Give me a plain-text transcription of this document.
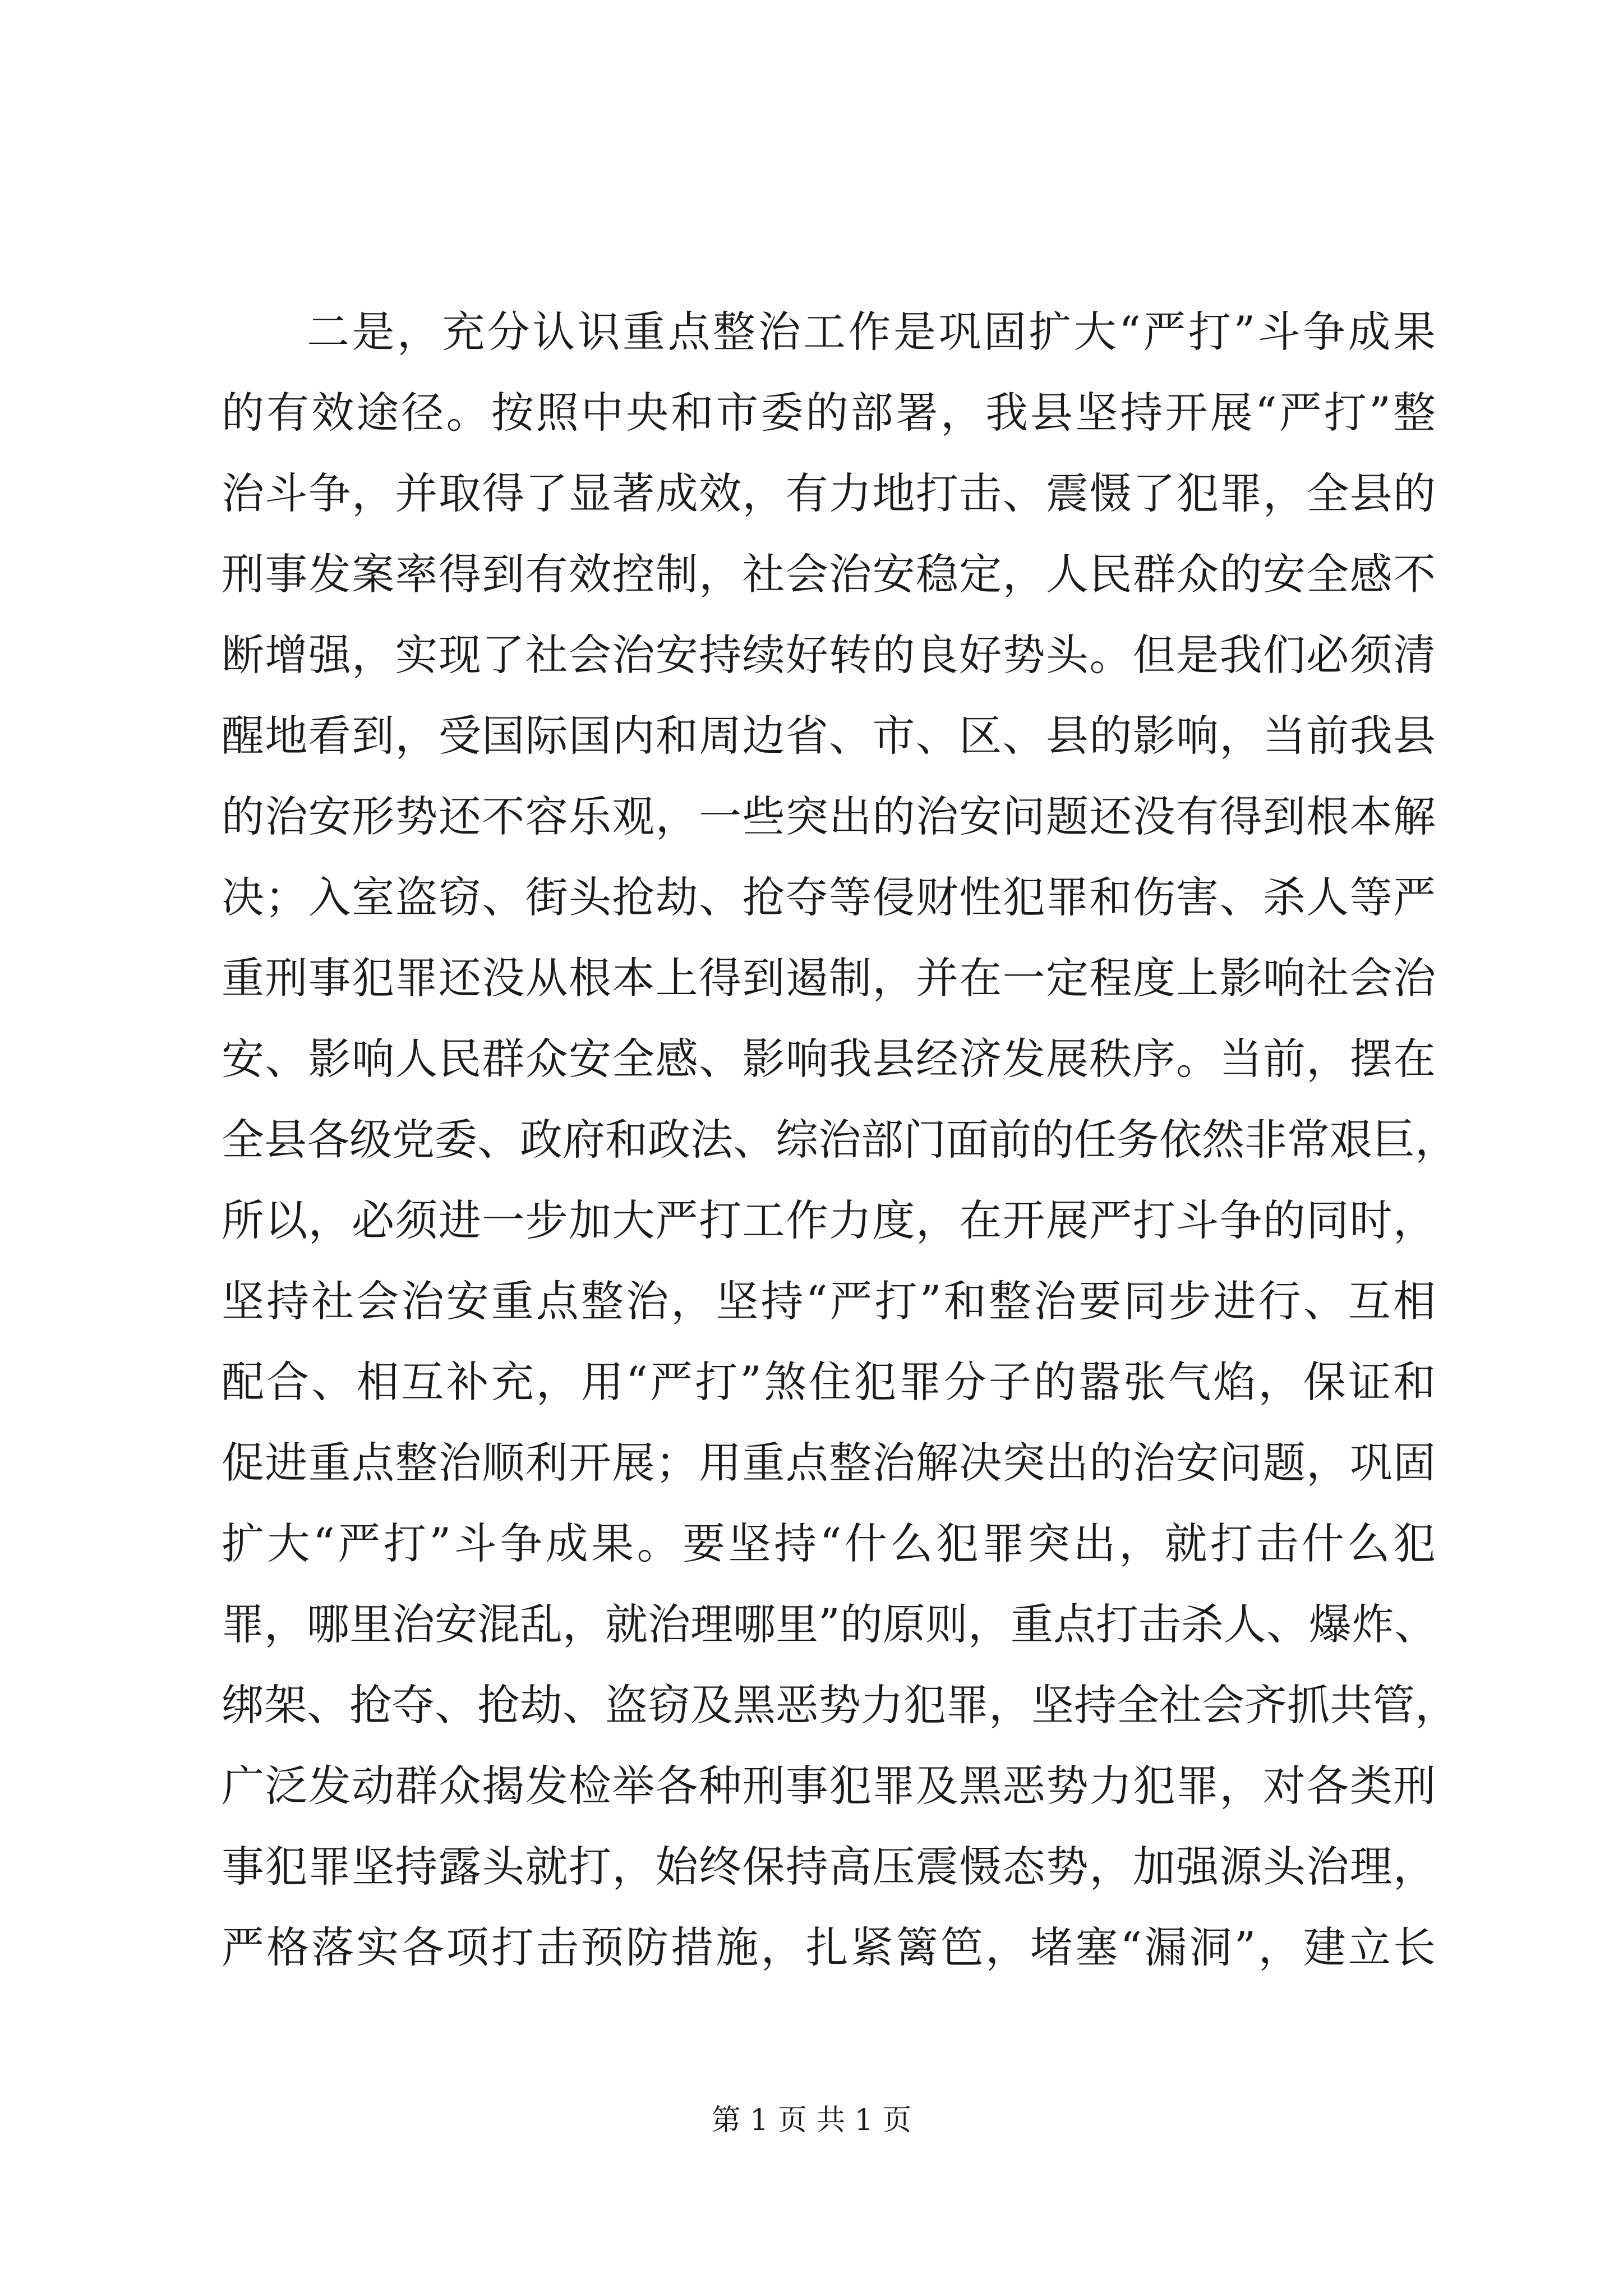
二是，充分认识重点整治工作是巩固扩大“严打”斗争成果
的有效途径。按照中央和市委的部署，我县坚持开展“严打”整
治斗争，并取得了显著成效，有力地打击、震慑了犯罪，全县的
刑事发案率得到有效控制，社会治安稳定，人民群众的安全感不
断增强，实现了社会治安持续好转的良好势头。但是我们必须清
醒地看到，受国际国内和周边省、市、区、县的影响，当前我县
的治安形势还不容乐观，一些突出的治安问题还没有得到根本解
决；入室盗窃、街头抢劫、抢夺等侵财性犯罪和伤害、杀人等严
重刑事犯罪还没从根本上得到遏制，并在一定程度上影响社会治
安、影响人民群众安全感、影响我县经济发展秩序。当前，摆在
全县各级党委、政府和政法、综治部门面前的任务依然非常艰巨，
所以，必须进一步加大严打工作力度，在开展严打斗争的同时，
坚持社会治安重点整治，坚持“严打”和整治要同步进行、互相
配合、相互补充，用“严打”煞住犯罪分子的嚣张气焰，保证和
促进重点整治顺利开展；用重点整治解决突出的治安问题，巩固
扩大“严打”斗争成果。要坚持“什么犯罪突出，就打击什么犯
罪，哪里治安混乱，就治理哪里”的原则，重点打击杀人、爆炸、
绑架、抢夺、抢劫、盗窃及黑恶势力犯罪，坚持全社会齐抓共管，
广泛发动群众揭发检举各种刑事犯罪及黑恶势力犯罪，对各类刑
事犯罪坚持露头就打，始终保持高压震慑态势，加强源头治理，
严格落实各项打击预防措施，扎紧篱笆，堵塞“漏洞”，建立长
第 1 页 共 1 页
